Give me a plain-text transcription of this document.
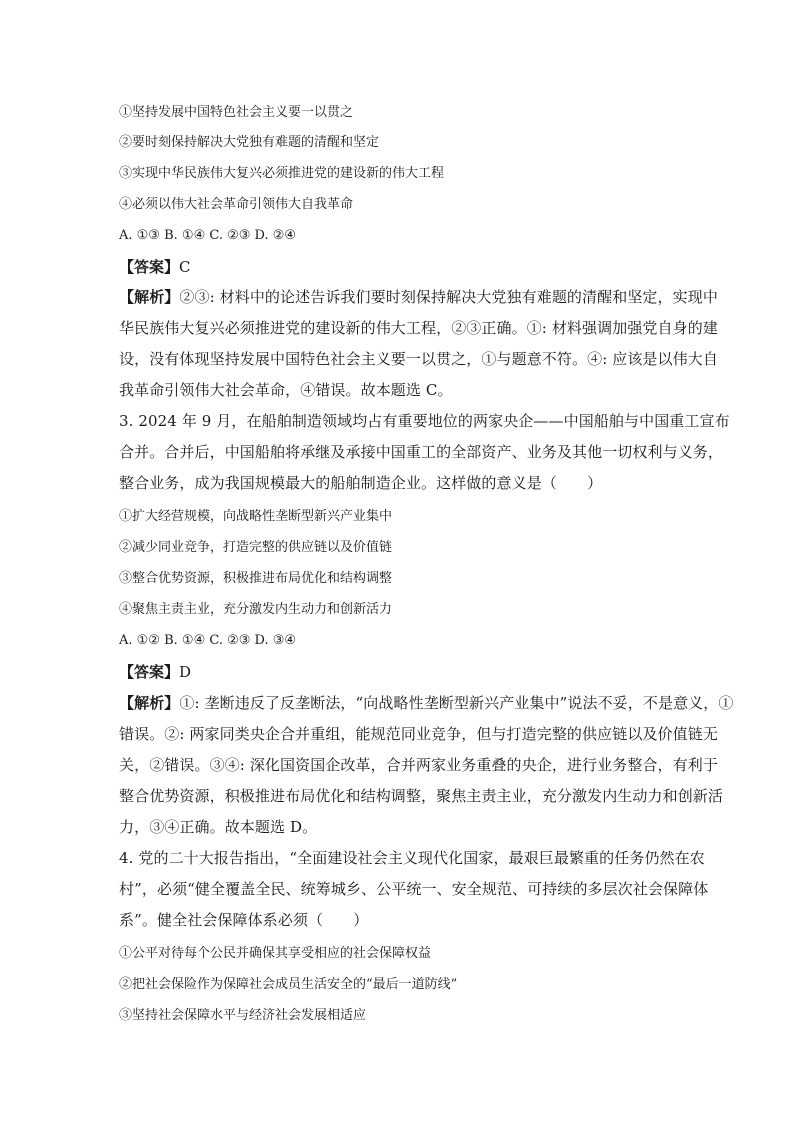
①坚持发展中国特色社会主义要一以贯之
②要时刻保持解决大党独有难题的清醒和坚定
③实现中华民族伟大复兴必须推进党的建设新的伟大工程
④必须以伟大社会革命引领伟大自我革命
A. ①③ B. ①④ C. ②③ D. ②④
【答案】C
【解析】②③: 材料中的论述告诉我们要时刻保持解决大党独有难题的清醒和坚定，实现中
华民族伟大复兴必须推进党的建设新的伟大工程，②③正确。①: 材料强调加强党自身的建
设，没有体现坚持发展中国特色社会主义要一以贯之，①与题意不符。④: 应该是以伟大自
我革命引领伟大社会革命，④错误。故本题选 C。
3. 2024 年 9 月，在船舶制造领域均占有重要地位的两家央企——中国船舶与中国重工宣布
合并。合并后，中国船舶将承继及承接中国重工的全部资产、业务及其他一切权利与义务，
整合业务，成为我国规模最大的船舶制造企业。这样做的意义是（　　）
①扩大经营规模，向战略性垄断型新兴产业集中
②减少同业竞争，打造完整的供应链以及价值链
③整合优势资源，积极推进布局优化和结构调整
④聚焦主责主业，充分激发内生动力和创新活力
A. ①② B. ①④ C. ②③ D. ③④
【答案】D
【解析】①: 垄断违反了反垄断法，“向战略性垄断型新兴产业集中”说法不妥，不是意义，①
错误。②: 两家同类央企合并重组，能规范同业竞争，但与打造完整的供应链以及价值链无
关，②错误。③④: 深化国资国企改革，合并两家业务重叠的央企，进行业务整合，有利于
整合优势资源，积极推进布局优化和结构调整，聚焦主责主业，充分激发内生动力和创新活
力，③④正确。故本题选 D。
4. 党的二十大报告指出，“全面建设社会主义现代化国家，最艰巨最繁重的任务仍然在农
村”，必须“健全覆盖全民、统筹城乡、公平统一、安全规范、可持续的多层次社会保障体
系”。健全社会保障体系必须（　　）
①公平对待每个公民并确保其享受相应的社会保障权益
②把社会保险作为保障社会成员生活安全的“最后一道防线”
③坚持社会保障水平与经济社会发展相适应
